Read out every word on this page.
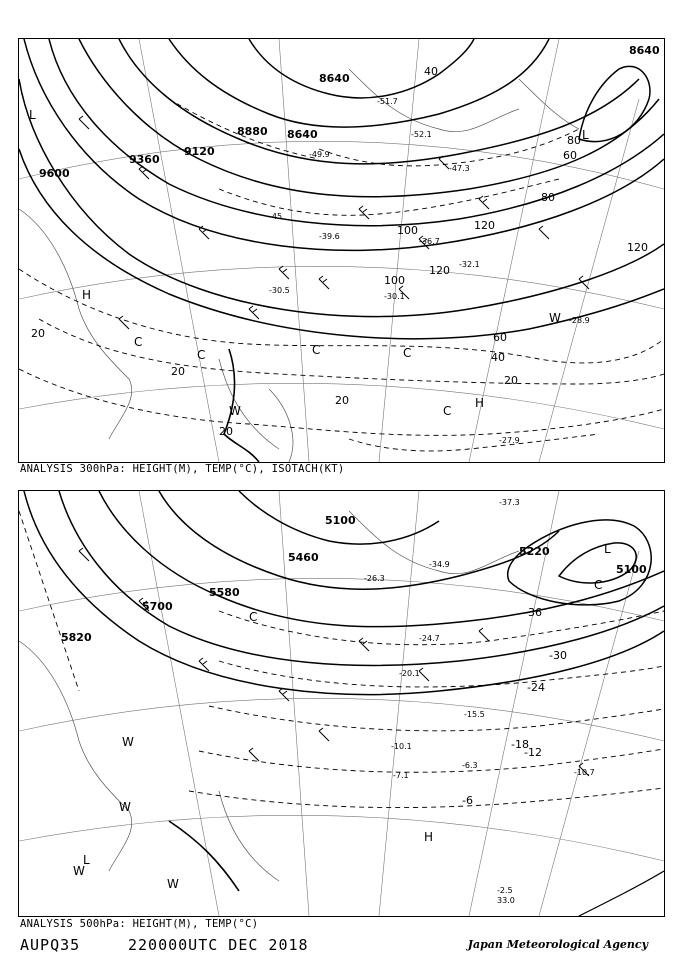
8640
9120
9360
9600
8880 8640
8640
20
40
60
80
100	120
120
120
100
80
60
40
20
20
20
20
H
H
L
L
C
C	C	C
C
W
W
-51.7
-52.1
-49.9
-47.3
-45
-39.6
-36.7
-32.1
-30.1
-28.9
-30.5
-27.9
ANALYSIS 300hPa: HEIGHT(M), TEMP(°C), ISOTACH(KT)
5100
5700
5220
5100
5460
5580
5820
-30
-24
-18
-12
-6
-36
H
L
L
C
W
W
W
W
C
-37.3
-34.9
-26.3
-24.7
-20.1
-15.5
-10.1
-7.1	-10.7
-6.3
-2.5
33.0
ANALYSIS 500hPa: HEIGHT(M), TEMP(°C)
AUPQ35	220000UTC DEC 2018	Japan Meteorological Agency
